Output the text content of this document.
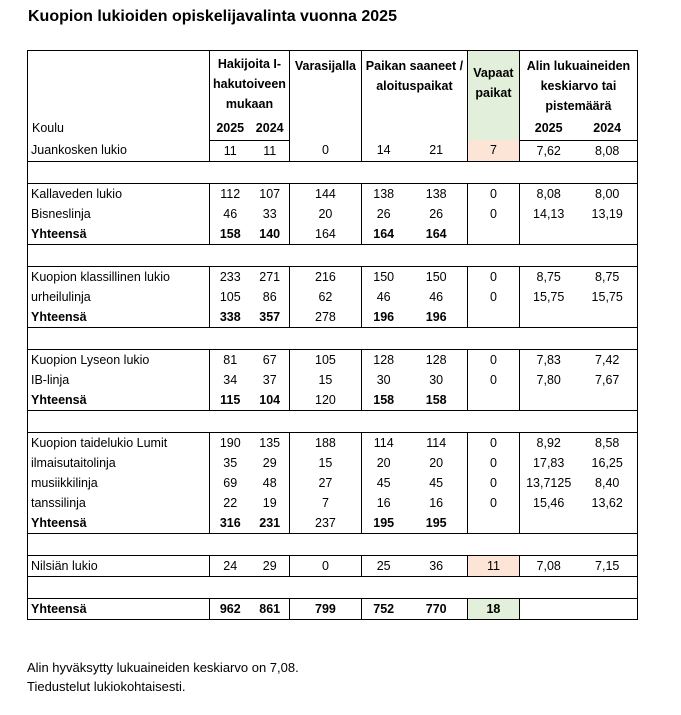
Kuopion lukioiden opiskelijavalinta vuonna 2025
Koulu	Hakijoita I-hakutoiveen mukaan		Varasijalla	Paikan saaneet / aloituspaikat		Vapaat paikat	Alin lukuaineiden keskiarvo tai pistemäärä	
	2025	2024					2025	2024
Juankosken lukio	11	11	0	14	21	7	7,62	8,08

Kallaveden lukio	112	107	144	138	138	0	8,08	8,00
Bisneslinja	46	33	20	26	26	0	14,13	13,19
Yhteensä	158	140	164	164	164			

Kuopion klassillinen lukio	233	271	216	150	150	0	8,75	8,75
urheilulinja	105	86	62	46	46	0	15,75	15,75
Yhteensä	338	357	278	196	196			

Kuopion Lyseon lukio	81	67	105	128	128	0	7,83	7,42
IB-linja	34	37	15	30	30	0	7,80	7,67
Yhteensä	115	104	120	158	158			

Kuopion taidelukio Lumit	190	135	188	114	114	0	8,92	8,58
ilmaisutaitolinja	35	29	15	20	20	0	17,83	16,25
musiikkilinja	69	48	27	45	45	0	13,7125	8,40
tanssilinja	22	19	7	16	16	0	15,46	13,62
Yhteensä	316	231	237	195	195			

Nilsiän lukio	24	29	0	25	36	11	7,08	7,15

Yhteensä	962	861	799	752	770	18		
Alin hyväksytty lukuaineiden keskiarvo on 7,08.
Tiedustelut lukiokohtaisesti.
